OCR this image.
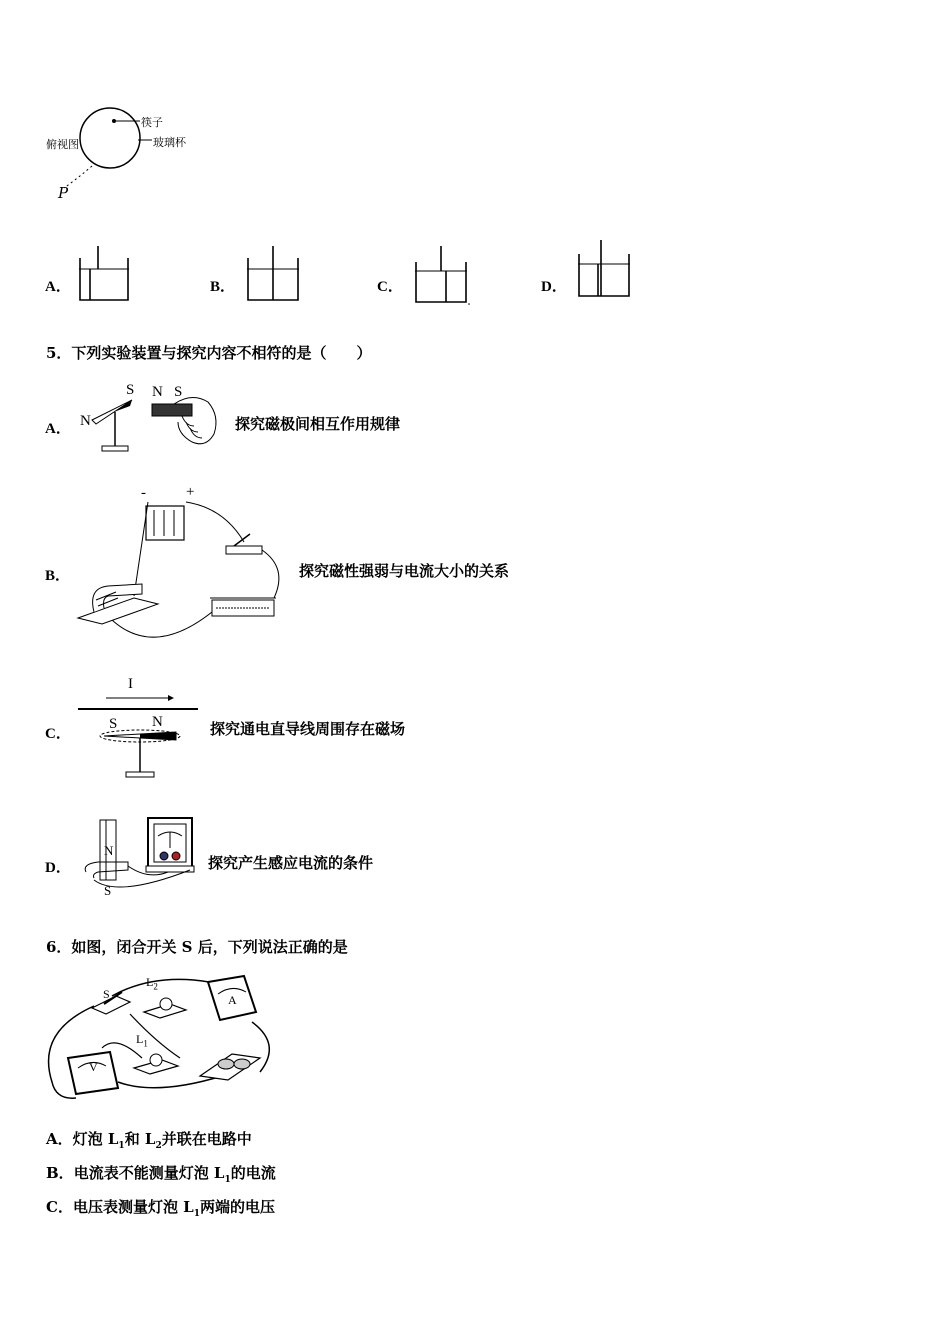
筷子
玻璃杯
俯视图
P
A．	B．	C．	D．
5．下列实验装置与探究内容不相符的是（　　）
A．
S
N
N S
探究磁极间相互作用规律
B．
-	+
探究磁性强弱与电流大小的关系
C．
I
S N	探究通电直导线周围存在磁场
D．
N
S
探究产生感应电流的条件
6．如图，闭合开关 S 后，下列说法正确的是
S
$L_2$
A
$L_1$
V
A．灯泡 $L_1$和 $L_2$并联在电路中
B．电流表不能测量灯泡 $L_1$的电流
C．电压表测量灯泡 $L_1$两端的电压
